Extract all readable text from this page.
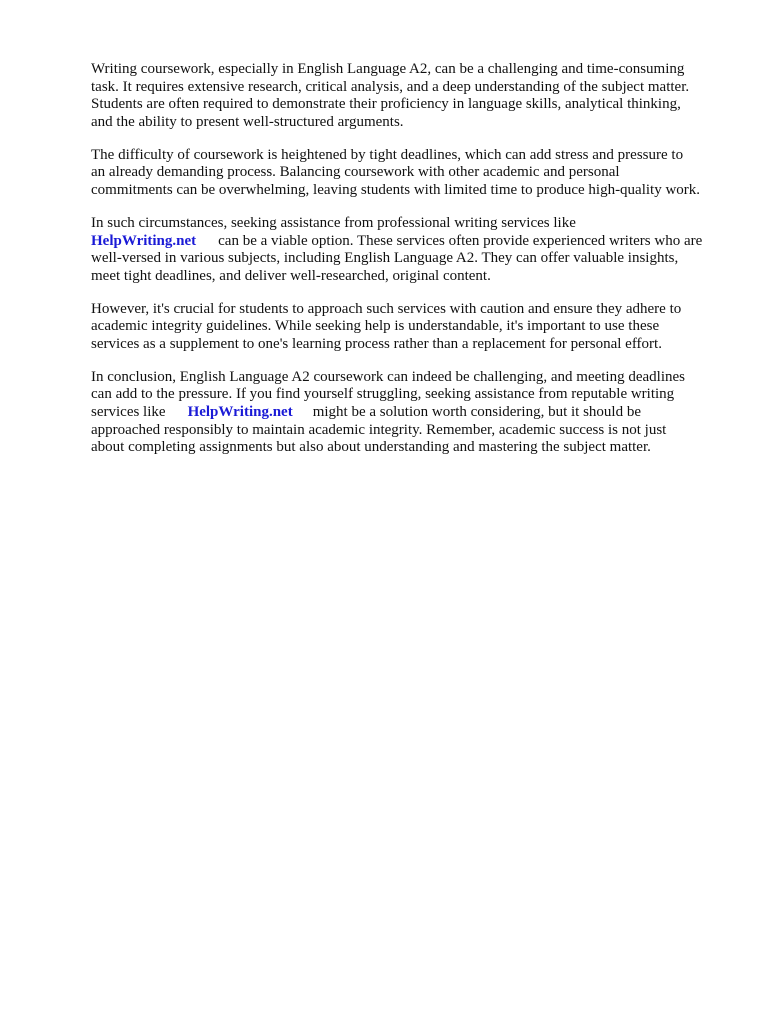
Writing coursework, especially in English Language A2, can be a challenging and time-consuming
task. It requires extensive research, critical analysis, and a deep understanding of the subject matter.
Students are often required to demonstrate their proficiency in language skills, analytical thinking,
and the ability to present well-structured arguments.

The difficulty of coursework is heightened by tight deadlines, which can add stress and pressure to
an already demanding process. Balancing coursework with other academic and personal
commitments can be overwhelming, leaving students with limited time to produce high-quality work.

In such circumstances, seeking assistance from professional writing services like
HelpWriting.net can be a viable option. These services often provide experienced writers who are
well-versed in various subjects, including English Language A2. They can offer valuable insights,
meet tight deadlines, and deliver well-researched, original content.

However, it's crucial for students to approach such services with caution and ensure they adhere to
academic integrity guidelines. While seeking help is understandable, it's important to use these
services as a supplement to one's learning process rather than a replacement for personal effort.

In conclusion, English Language A2 coursework can indeed be challenging, and meeting deadlines
can add to the pressure. If you find yourself struggling, seeking assistance from reputable writing
services like HelpWriting.net might be a solution worth considering, but it should be
approached responsibly to maintain academic integrity. Remember, academic success is not just
about completing assignments but also about understanding and mastering the subject matter.
